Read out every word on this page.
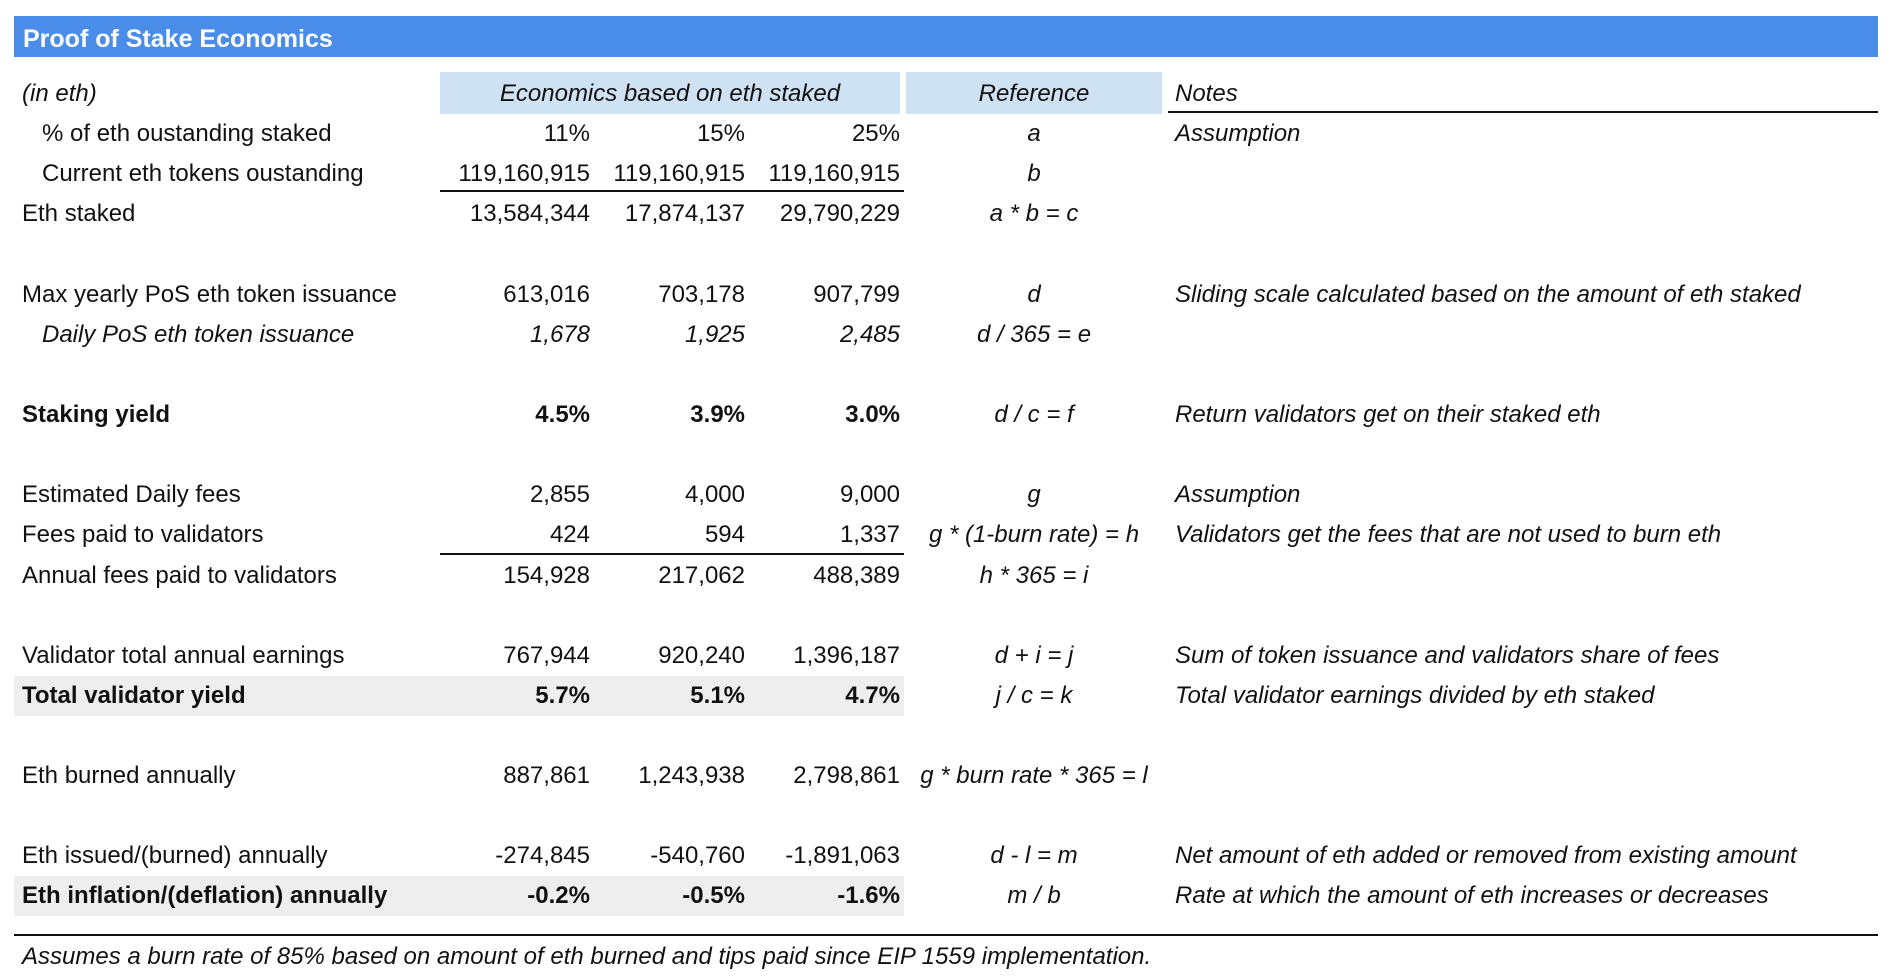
Proof of Stake Economics
(in eth)	Economics based on eth staked	Reference	Notes
% of eth oustanding staked	11%	15%	25%	a	Assumption
Current eth tokens oustanding	119,160,915 119,160,915 119,160,915	b
Eth staked	13,584,344	17,874,137	29,790,229	a * b = c
Max yearly PoS eth token issuance	613,016	703,178	907,799	d	Sliding scale calculated based on the amount of eth staked
Daily PoS eth token issuance	1,678	1,925	2,485	d / 365 = e
Staking yield	4.5%	3.9%	3.0%	d / c = f	Return validators get on their staked eth
Estimated Daily fees	2,855	4,000	9,000	g	Assumption
Fees paid to validators	424	594	1,337	g * (1-burn rate) = h	Validators get the fees that are not used to burn eth
Annual fees paid to validators	154,928	217,062	488,389	h * 365 = i
Validator total annual earnings	767,944	920,240	1,396,187	d + i = j	Sum of token issuance and validators share of fees
Total validator yield	5.7%	5.1%	4.7%	j / c = k	Total validator earnings divided by eth staked
Eth burned annually	887,861	1,243,938	2,798,861 g * burn rate * 365 = l
Eth issued/(burned) annually	-274,845	-540,760	-1,891,063	d - l = m	Net amount of eth added or removed from existing amount
Eth inflation/(deflation) annually	-0.2%	-0.5%	-1.6%	m / b	Rate at which the amount of eth increases or decreases
Assumes a burn rate of 85% based on amount of eth burned and tips paid since EIP 1559 implementation.
